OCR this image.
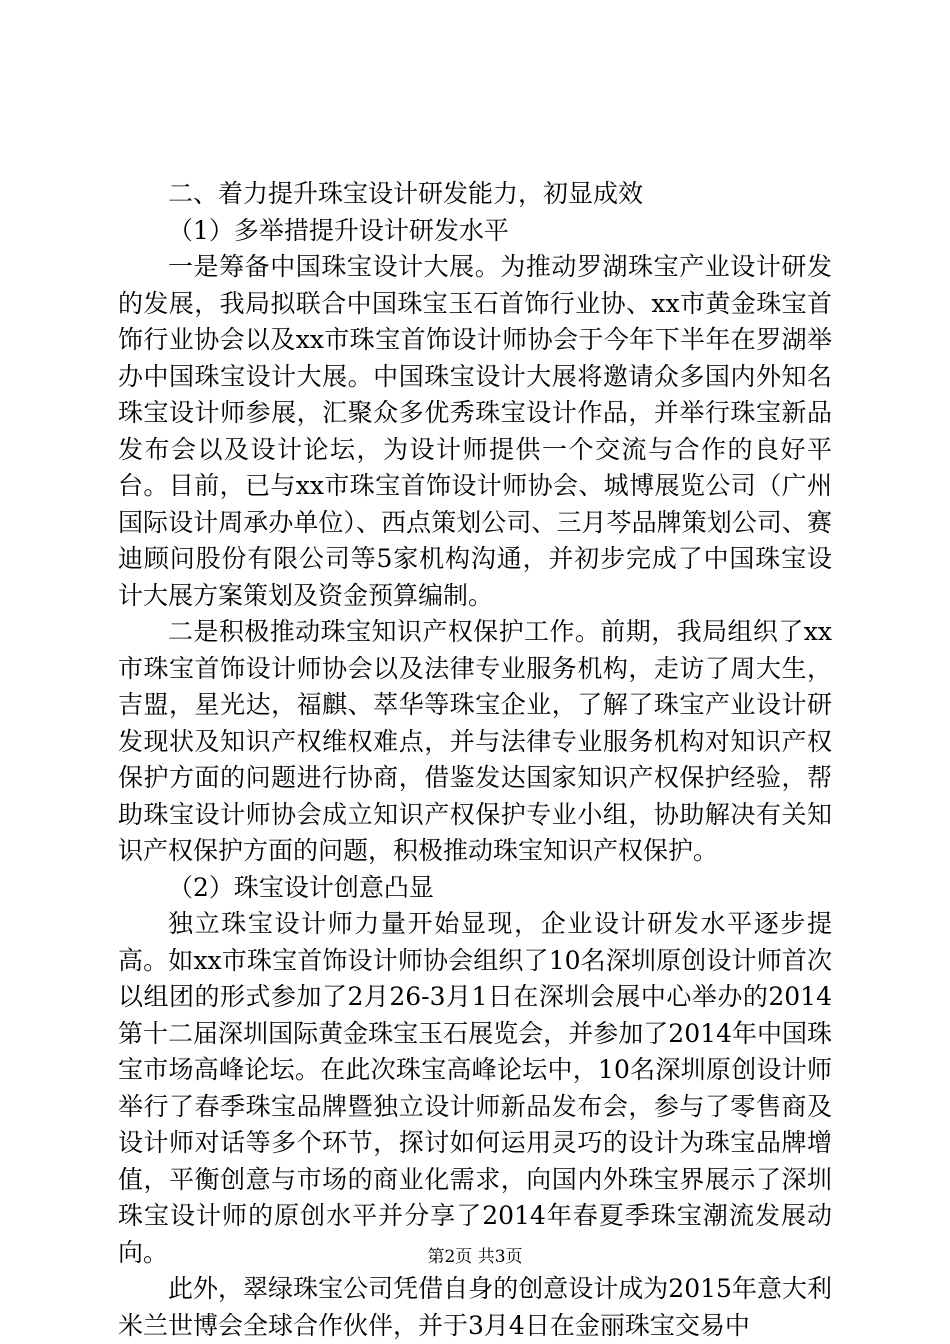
二、着力提升珠宝设计研发能力，初显成效

（1）多举措提升设计研发水平

一是筹备中国珠宝设计大展。为推动罗湖珠宝产业设计研发的发展，我局拟联合中国珠宝玉石首饰行业协、xx市黄金珠宝首饰行业协会以及xx市珠宝首饰设计师协会于今年下半年在罗湖举办中国珠宝设计大展。中国珠宝设计大展将邀请众多国内外知名珠宝设计师参展，汇聚众多优秀珠宝设计作品，并举行珠宝新品发布会以及设计论坛，为设计师提供一个交流与合作的良好平台。目前，已与xx市珠宝首饰设计师协会、城博展览公司（广州国际设计周承办单位）、西点策划公司、三月芩品牌策划公司、赛迪顾问股份有限公司等5家机构沟通，并初步完成了中国珠宝设计大展方案策划及资金预算编制。

二是积极推动珠宝知识产权保护工作。前期，我局组织了xx市珠宝首饰设计师协会以及法律专业服务机构，走访了周大生，吉盟，星光达，福麒、萃华等珠宝企业，了解了珠宝产业设计研发现状及知识产权维权难点，并与法律专业服务机构对知识产权保护方面的问题进行协商，借鉴发达国家知识产权保护经验，帮助珠宝设计师协会成立知识产权保护专业小组，协助解决有关知识产权保护方面的问题，积极推动珠宝知识产权保护。

（2）珠宝设计创意凸显

独立珠宝设计师力量开始显现，企业设计研发水平逐步提高。如xx市珠宝首饰设计师协会组织了10名深圳原创设计师首次以组团的形式参加了2月26-3月1日在深圳会展中心举办的2014第十二届深圳国际黄金珠宝玉石展览会，并参加了2014年中国珠宝市场高峰论坛。在此次珠宝高峰论坛中，10名深圳原创设计师举行了春季珠宝品牌暨独立设计师新品发布会，参与了零售商及设计师对话等多个环节，探讨如何运用灵巧的设计为珠宝品牌增值，平衡创意与市场的商业化需求，向国内外珠宝界展示了深圳珠宝设计师的原创水平并分享了2014年春夏季珠宝潮流发展动向。

此外，翠绿珠宝公司凭借自身的创意设计成为2015年意大利米兰世博会全球合作伙伴，并于3月4日在金丽珠宝交易中

第2页 共3页
